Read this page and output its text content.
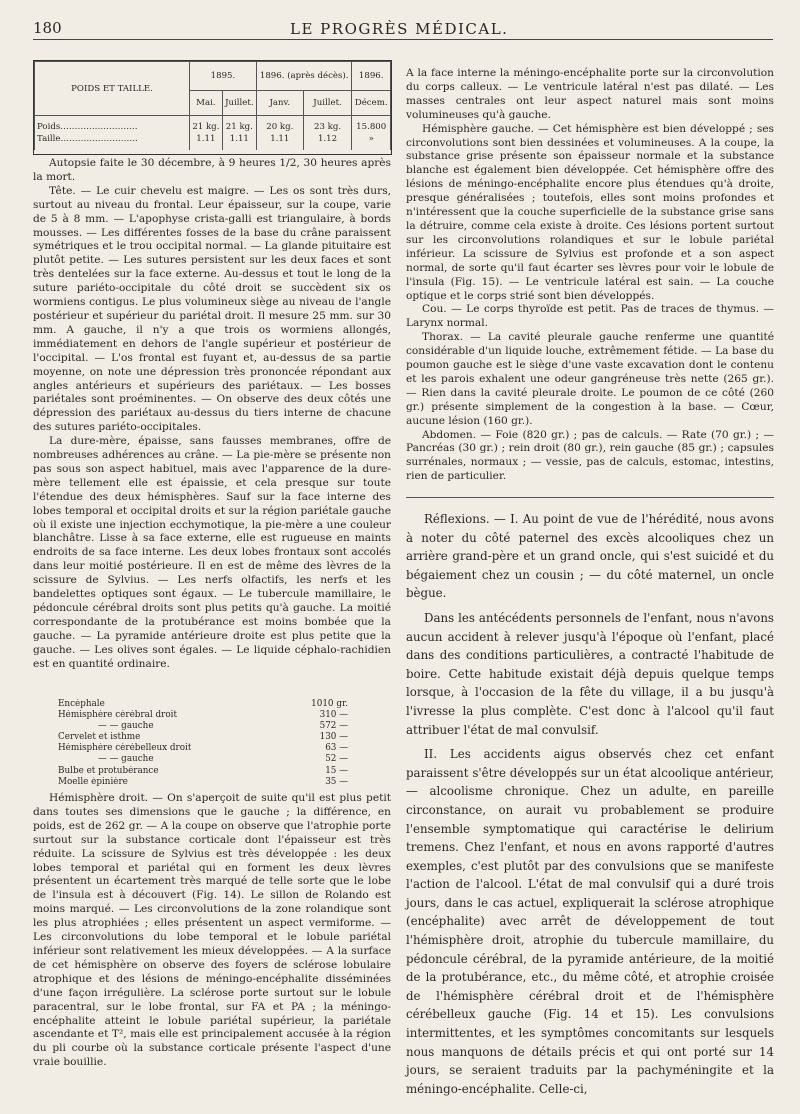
180	LE PROGRÈS MÉDICAL.
POIDS ET TAILLE.	1895.		1896. (après décès).		1896.
	Mai.	Juillet.	Janv.	Juillet.	Décem.
Poids………………………	21 kg.	21 kg.	20 kg.	23 kg.	15.800
Taille………………………	1.11	1.11	1.11	1.12	»

Autopsie faite le 30 décembre, à 9 heures 1/2, 30 heures après la mort.

Tête. — Le cuir chevelu est maigre. — Les os sont très durs, surtout au niveau du frontal. Leur épaisseur, sur la coupe, varie de 5 à 8 mm. — L'apophyse crista-galli est triangulaire, à bords mousses. — Les différentes fosses de la base du crâne paraissent symétriques et le trou occipital normal. — La glande pituitaire est plutôt petite. — Les sutures persistent sur les deux faces et sont très dentelées sur la face externe. Au-dessus et tout le long de la suture pariéto-occipitale du côté droit se succèdent six os wormiens contigus. Le plus volumineux siège au niveau de l'angle postérieur et supérieur du pariétal droit. Il mesure 25 mm. sur 30 mm. A gauche, il n'y a que trois os wormiens allongés, immédiatement en dehors de l'angle supérieur et postérieur de l'occipital. — L'os frontal est fuyant et, au-dessus de sa partie moyenne, on note une dépression très prononcée répondant aux angles antérieurs et supérieurs des pariétaux. — Les bosses pariétales sont proéminentes. — On observe des deux côtés une dépression des pariétaux au-dessus du tiers interne de chacune des sutures pariéto-occipitales.

La dure-mère, épaisse, sans fausses membranes, offre de nombreuses adhérences au crâne. — La pie-mère se présente non pas sous son aspect habituel, mais avec l'apparence de la dure-mère tellement elle est épaissie, et cela presque sur toute l'étendue des deux hémisphères. Sauf sur la face interne des lobes temporal et occipital droits et sur la région pariétale gauche où il existe une injection ecchymotique, la pie-mère a une couleur blanchâtre. Lisse à sa face externe, elle est rugueuse en maints endroits de sa face interne. Les deux lobes frontaux sont accolés dans leur moitié postérieure. Il en est de même des lèvres de la scissure de Sylvius. — Les nerfs olfactifs, les nerfs et les bandelettes optiques sont égaux. — Le tubercule mamillaire, le pédoncule cérébral droits sont plus petits qu'à gauche. La moitié correspondante de la protubérance est moins bombée que la gauche. — La pyramide antérieure droite est plus petite que la gauche. — Les olives sont égales. — Le liquide céphalo-rachidien est en quantité ordinaire.

Encéphale	1010 gr.
Hémisphère cérébral droit	310 —
— — gauche	572 —
Cervelet et isthme	130 —
Hémisphère cérébelleux droit	63 —
— — gauche	52 —
Bulbe et protubérance	15 —
Moelle épinière	35 —

Hémisphère droit. — On s'aperçoit de suite qu'il est plus petit dans toutes ses dimensions que le gauche ; la différence, en poids, est de 262 gr. — A la coupe on observe que l'atrophie porte surtout sur la substance corticale dont l'épaisseur est très réduite. La scissure de Sylvius est très développée : les deux lobes temporal et pariétal qui en forment les deux lèvres présentent un écartement très marqué de telle sorte que le lobe de l'insula est à découvert (Fig. 14). Le sillon de Rolando est moins marqué. — Les circonvolutions de la zone rolandique sont les plus atrophiées ; elles présentent un aspect vermiforme. — Les circonvolutions du lobe temporal et le lobule pariétal inférieur sont relativement les mieux développées. — A la surface de cet hémisphère on observe des foyers de sclérose lobulaire atrophique et des lésions de méningo-encéphalite disséminées d'une façon irrégulière. La sclérose porte surtout sur le lobule paracentral, sur le lobe frontal, sur FA et PA ; la méningo-encéphalite atteint le lobule pariétal supérieur, la pariétale ascendante et T², mais elle est principalement accusée à la région du pli courbe où la substance corticale présente l'aspect d'une vraie bouillie.

A la face interne la méningo-encéphalite porte sur la circonvolution du corps calleux. — Le ventricule latéral n'est pas dilaté. — Les masses centrales ont leur aspect naturel mais sont moins volumineuses qu'à gauche.

Hémisphère gauche. — Cet hémisphère est bien développé ; ses circonvolutions sont bien dessinées et volumineuses. A la coupe, la substance grise présente son épaisseur normale et la substance blanche est également bien développée. Cet hémisphère offre des lésions de méningo-encéphalite encore plus étendues qu'à droite, presque généralisées ; toutefois, elles sont moins profondes et n'intéressent que la couche superficielle de la substance grise sans la détruire, comme cela existe à droite. Ces lésions portent surtout sur les circonvolutions rolandiques et sur le lobule pariétal inférieur. La scissure de Sylvius est profonde et a son aspect normal, de sorte qu'il faut écarter ses lèvres pour voir le lobule de l'insula (Fig. 15). — Le ventricule latéral est sain. — La couche optique et le corps strié sont bien développés.

Cou. — Le corps thyroïde est petit. Pas de traces de thymus. — Larynx normal.

Thorax. — La cavité pleurale gauche renferme une quantité considérable d'un liquide louche, extrêmement fétide. — La base du poumon gauche est le siège d'une vaste excavation dont le contenu et les parois exhalent une odeur gangréneuse très nette (265 gr.). — Rien dans la cavité pleurale droite. Le poumon de ce côté (260 gr.) présente simplement de la congestion à la base. — Cœur, aucune lésion (160 gr.).

Abdomen. — Foie (820 gr.) ; pas de calculs. — Rate (70 gr.) ; — Pancréas (30 gr.) ; rein droit (80 gr.), rein gauche (85 gr.) ; capsules surrénales, normaux ; — vessie, pas de calculs, estomac, intestins, rien de particulier.

Réflexions. — I. Au point de vue de l'hérédité, nous avons à noter du côté paternel des excès alcooliques chez un arrière grand-père et un grand oncle, qui s'est suicidé et du bégaiement chez un cousin ; — du côté maternel, un oncle bègue.

Dans les antécédents personnels de l'enfant, nous n'avons aucun accident à relever jusqu'à l'époque où l'enfant, placé dans des conditions particulières, a contracté l'habitude de boire. Cette habitude existait déjà depuis quelque temps lorsque, à l'occasion de la fête du village, il a bu jusqu'à l'ivresse la plus complète. C'est donc à l'alcool qu'il faut attribuer l'état de mal convulsif.

II. Les accidents aigus observés chez cet enfant paraissent s'être développés sur un état alcoolique antérieur, — alcoolisme chronique. Chez un adulte, en pareille circonstance, on aurait vu probablement se produire l'ensemble symptomatique qui caractérise le delirium tremens. Chez l'enfant, et nous en avons rapporté d'autres exemples, c'est plutôt par des convulsions que se manifeste l'action de l'alcool. L'état de mal convulsif qui a duré trois jours, dans le cas actuel, expliquerait la sclérose atrophique (encéphalite) avec arrêt de développement de tout l'hémisphère droit, atrophie du tubercule mamillaire, du pédoncule cérébral, de la pyramide antérieure, de la moitié de la protubérance, etc., du même côté, et atrophie croisée de l'hémisphère cérébral droit et de l'hémisphère cérébelleux gauche (Fig. 14 et 15). Les convulsions intermittentes, et les symptômes concomitants sur lesquels nous manquons de détails précis et qui ont porté sur 14 jours, se seraient traduits par la pachyméningite et la méningo-encéphalite. Celle-ci,
